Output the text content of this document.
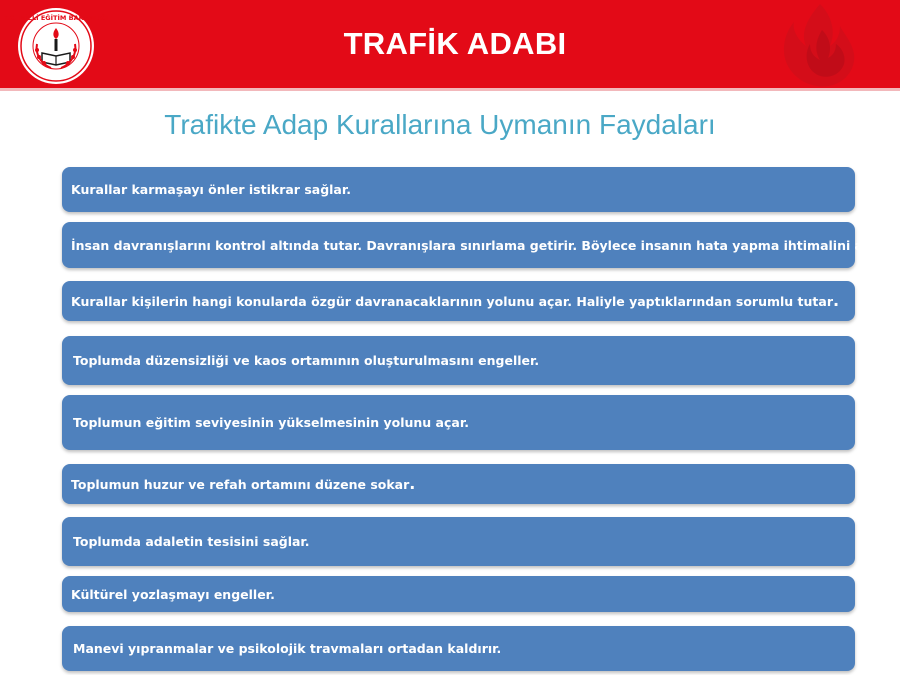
T.C. MİLLİ EĞİTİM BAKANLIĞI
TRAFİK ADABI
Trafikte Adap Kurallarına Uymanın Faydaları
Kurallar karmaşayı önler istikrar sağlar.
İnsan davranışlarını kontrol altında tutar. Davranışlara sınırlama getirir. Böylece insanın hata yapma ihtimalini azaltır.
Kurallar kişilerin hangi konularda özgür davranacaklarının yolunu açar. Haliyle yaptıklarından sorumlu tutar .
Toplumda düzensizliği ve kaos ortamının oluşturulmasını engeller.
Toplumun eğitim seviyesinin yükselmesinin yolunu açar.
Toplumun huzur ve refah ortamını düzene sokar .
Toplumda adaletin tesisini sağlar.
Kültürel yozlaşmayı engeller.
Manevi yıpranmalar ve psikolojik travmaları ortadan kaldırır.
